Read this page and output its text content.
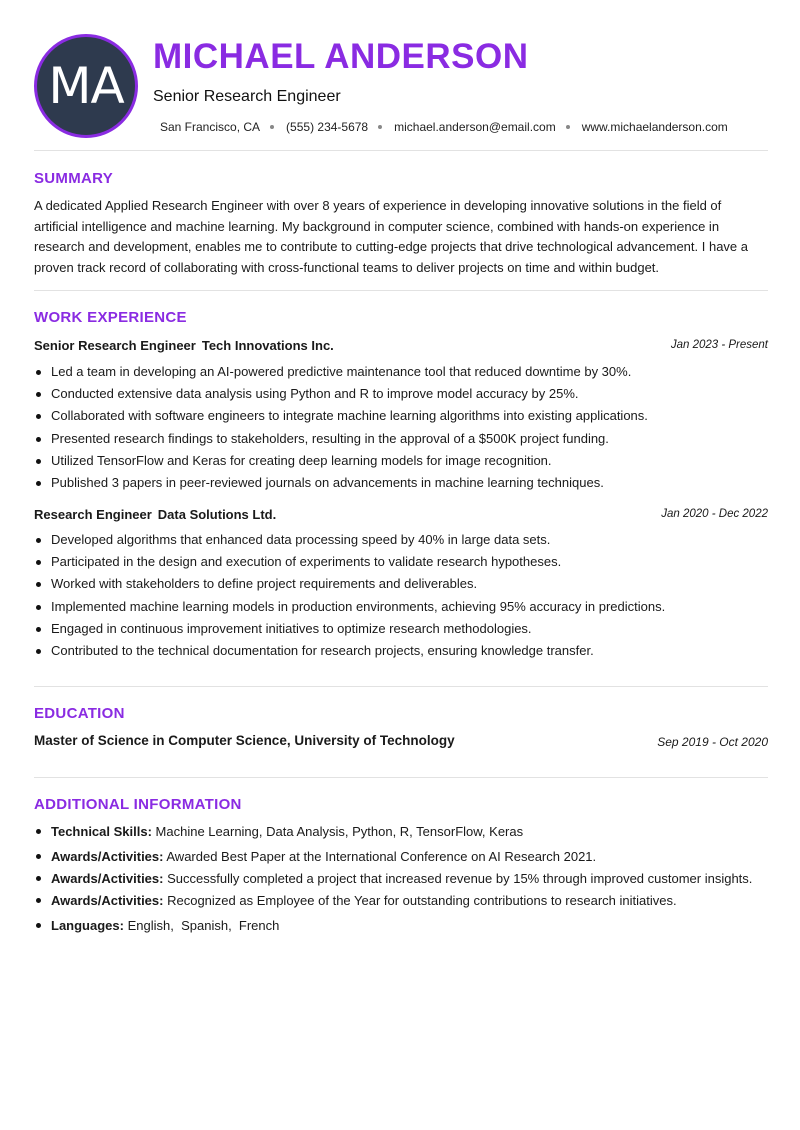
MA
MICHAEL ANDERSON
Senior Research Engineer
San Francisco, CA (555) 234-5678 michael.anderson@email.com www.michaelanderson.com
SUMMARY
A dedicated Applied Research Engineer with over 8 years of experience in developing innovative solutions in the field of artificial intelligence and machine learning. My background in computer science, combined with hands-on experience in research and development, enables me to contribute to cutting-edge projects that drive technological advancement. I have a proven track record of collaborating with cross-functional teams to deliver projects on time and within budget.
WORK EXPERIENCE
Senior Research Engineer Tech Innovations Inc.	Jan 2023 - Present
Led a team in developing an AI-powered predictive maintenance tool that reduced downtime by 30%.
Conducted extensive data analysis using Python and R to improve model accuracy by 25%.
Collaborated with software engineers to integrate machine learning algorithms into existing applications.
Presented research findings to stakeholders, resulting in the approval of a $500K project funding.
Utilized TensorFlow and Keras for creating deep learning models for image recognition.
Published 3 papers in peer-reviewed journals on advancements in machine learning techniques.
Research Engineer Data Solutions Ltd.	Jan 2020 - Dec 2022
Developed algorithms that enhanced data processing speed by 40% in large data sets.
Participated in the design and execution of experiments to validate research hypotheses.
Worked with stakeholders to define project requirements and deliverables.
Implemented machine learning models in production environments, achieving 95% accuracy in predictions.
Engaged in continuous improvement initiatives to optimize research methodologies.
Contributed to the technical documentation for research projects, ensuring knowledge transfer.
EDUCATION
Master of Science in Computer Science, University of Technology	Sep 2019 - Oct 2020
ADDITIONAL INFORMATION
Technical Skills: Machine Learning, Data Analysis, Python, R, TensorFlow, Keras
Awards/Activities: Awarded Best Paper at the International Conference on AI Research 2021.
Awards/Activities: Successfully completed a project that increased revenue by 15% through improved customer insights.
Awards/Activities: Recognized as Employee of the Year for outstanding contributions to research initiatives.
Languages: English , Spanish , French
